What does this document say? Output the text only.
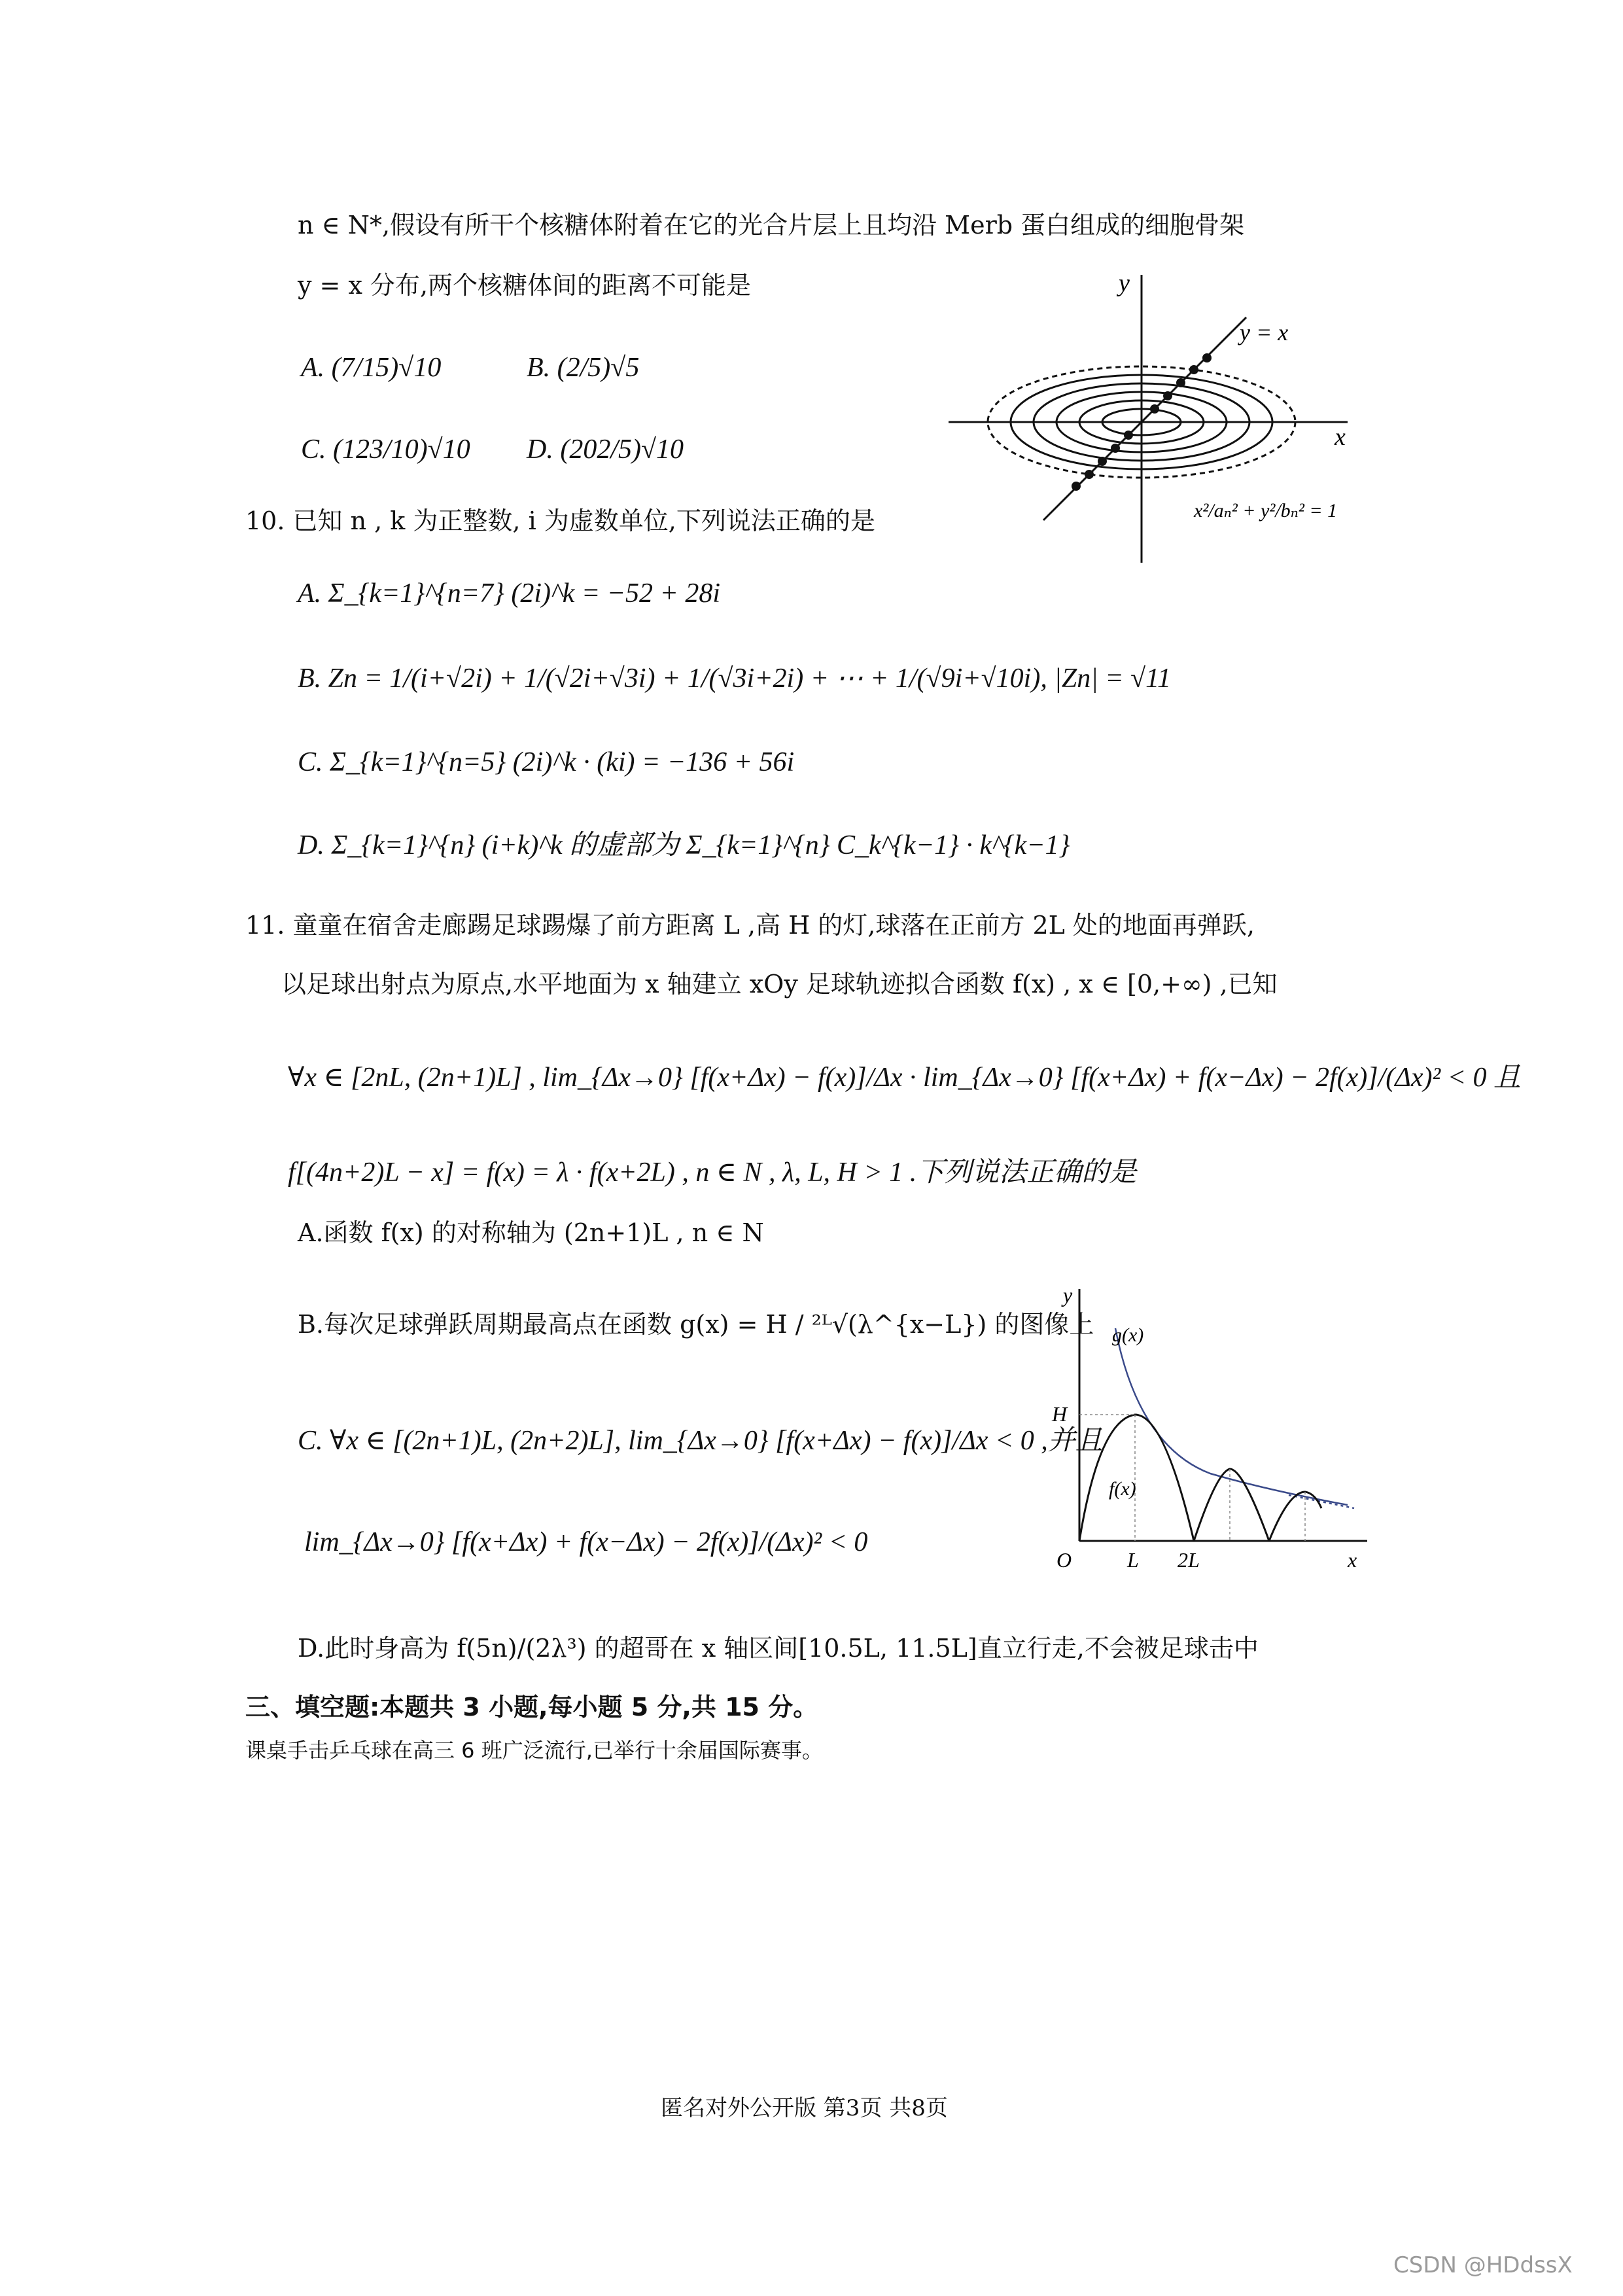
n ∈ N*,假设有所干个核糖体附着在它的光合片层上且均沿 Merb 蛋白组成的细胞骨架
y = x 分布,两个核糖体间的距离不可能是
A. (7/15)√10	B. (2/5)√5
C. (123/10)√10 D. (202/5)√10
y
x
y = x
x²/aₙ² + y²/bₙ² = 1
10. 已知 n , k 为正整数, i 为虚数单位,下列说法正确的是
A. Σ_{k=1}^{n=7} (2i)^k = −52 + 28i
B. Zn = 1/(i+√2i) + 1/(√2i+√3i) + 1/(√3i+2i) + ⋯ + 1/(√9i+√10i), |Zn| = √11
C. Σ_{k=1}^{n=5} (2i)^k · (ki) = −136 + 56i
D. Σ_{k=1}^{n} (i+k)^k 的虚部为 Σ_{k=1}^{n} C_k^{k−1} · k^{k−1}
11. 童童在宿舍走廊踢足球踢爆了前方距离 L ,高 H 的灯,球落在正前方 2L 处的地面再弹跃,
以足球出射点为原点,水平地面为 x 轴建立 xOy 足球轨迹拟合函数 f(x) , x ∈ [0,+∞) ,已知
∀x ∈ [2nL, (2n+1)L] , lim_{Δx→0} [f(x+Δx) − f(x)]/Δx · lim_{Δx→0} [f(x+Δx) + f(x−Δx) − 2f(x)]/(Δx)² < 0 且
f[(4n+2)L − x] = f(x) = λ · f(x+2L) , n ∈ N , λ, L, H > 1 .下列说法正确的是
A.函数 f(x) 的对称轴为 (2n+1)L , n ∈ N
B.每次足球弹跃周期最高点在函数 g(x) = H / ²ᴸ√(λ^{x−L}) 的图像上
C. ∀x ∈ [(2n+1)L, (2n+2)L], lim_{Δx→0} [f(x+Δx) − f(x)]/Δx < 0 ,并且
lim_{Δx→0} [f(x+Δx) + f(x−Δx) − 2f(x)]/(Δx)² < 0
D.此时身高为 f(5n)/(2λ³) 的超哥在 x 轴区间[10.5L, 11.5L]直立行走,不会被足球击中
y
x
O	L 2L
H
g(x)
f(x)
三、填空题:本题共 3 小题,每小题 5 分,共 15 分。
课桌手击乒乓球在高三 6 班广泛流行,已举行十余届国际赛事。
匿名对外公开版 第3页 共8页
CSDN @HDdssX
